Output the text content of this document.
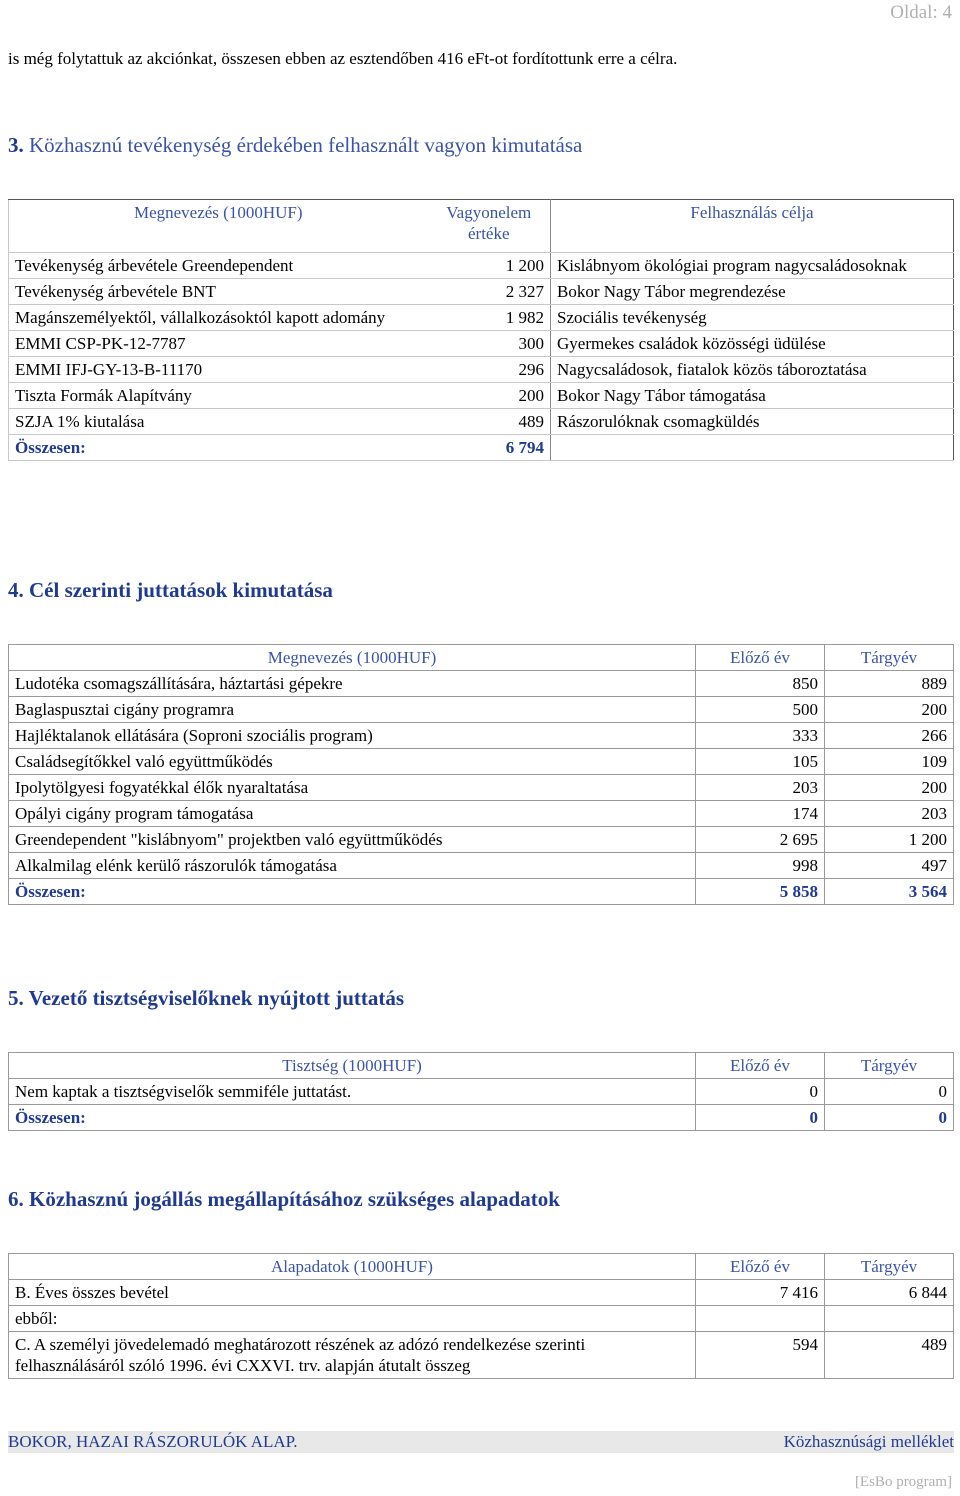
Oldal: 4
is még folytattuk az akciónkat, összesen ebben az esztendőben 416 eFt-ot fordítottunk erre a célra.
3. Közhasznú tevékenység érdekében felhasznált vagyon kimutatása
Megnevezés (1000HUF)	Vagyonelem értéke	Felhasználás célja
Tevékenység árbevétele Greendependent	1 200	Kislábnyom ökológiai program nagycsaládosoknak
Tevékenység árbevétele BNT	2 327	Bokor Nagy Tábor megrendezése
Magánszemélyektől, vállalkozásoktól kapott adomány	1 982	Szociális tevékenység
EMMI CSP-PK-12-7787	300	Gyermekes családok közösségi üdülése
EMMI IFJ-GY-13-B-11170	296	Nagycsaládosok, fiatalok közös táboroztatása
Tiszta Formák Alapítvány	200	Bokor Nagy Tábor támogatása
SZJA 1% kiutalása	489	Rászorulóknak csomagküldés
Összesen:	6 794	
4. Cél szerinti juttatások kimutatása
Megnevezés (1000HUF)	Előző év	Tárgyév
Ludotéka csomagszállítására, háztartási gépekre	850	889
Baglaspusztai cigány programra	500	200
Hajléktalanok ellátására (Soproni szociális program)	333	266
Családsegítőkkel való együttműködés	105	109
Ipolytölgyesi fogyatékkal élők nyaraltatása	203	200
Opályi cigány program támogatása	174	203
Greendependent "kislábnyom" projektben való együttműködés	2 695	1 200
Alkalmilag elénk kerülő rászorulók támogatása	998	497
Összesen:	5 858	3 564
5. Vezető tisztségviselőknek nyújtott juttatás
Tisztség (1000HUF)	Előző év	Tárgyév
Nem kaptak a tisztségviselők semmiféle juttatást.	0	0
Összesen:	0	0
6. Közhasznú jogállás megállapításához szükséges alapadatok
Alapadatok (1000HUF)	Előző év	Tárgyév
B. Éves összes bevétel	7 416	6 844
ebből:		
C. A személyi jövedelemadó meghatározott részének az adózó rendelkezése szerinti felhasználásáról szóló 1996. évi CXXVI. trv. alapján átutalt összeg	594	489
BOKOR, HAZAI RÁSZORULÓK ALAP.	Közhasznúsági melléklet
[EsBo program]
